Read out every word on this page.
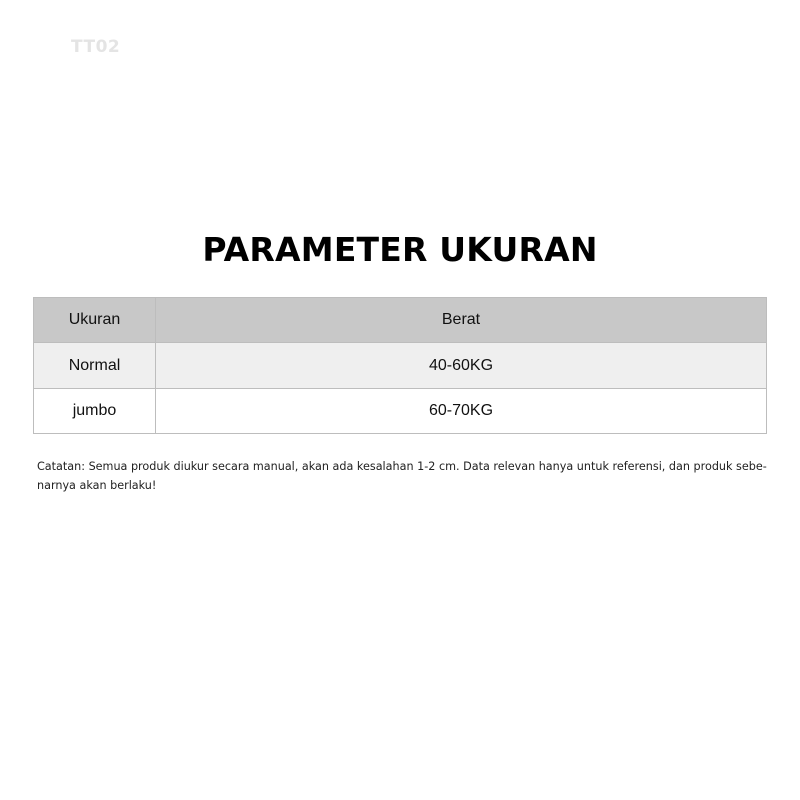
TT02
PARAMETER UKURAN
Ukuran	Berat
Normal	40-60KG
jumbo	60-70KG
Catatan: Semua produk diukur secara manual, akan ada kesalahan 1-2 cm. Data relevan hanya untuk referensi, dan produk sebe-narnya akan berlaku!
